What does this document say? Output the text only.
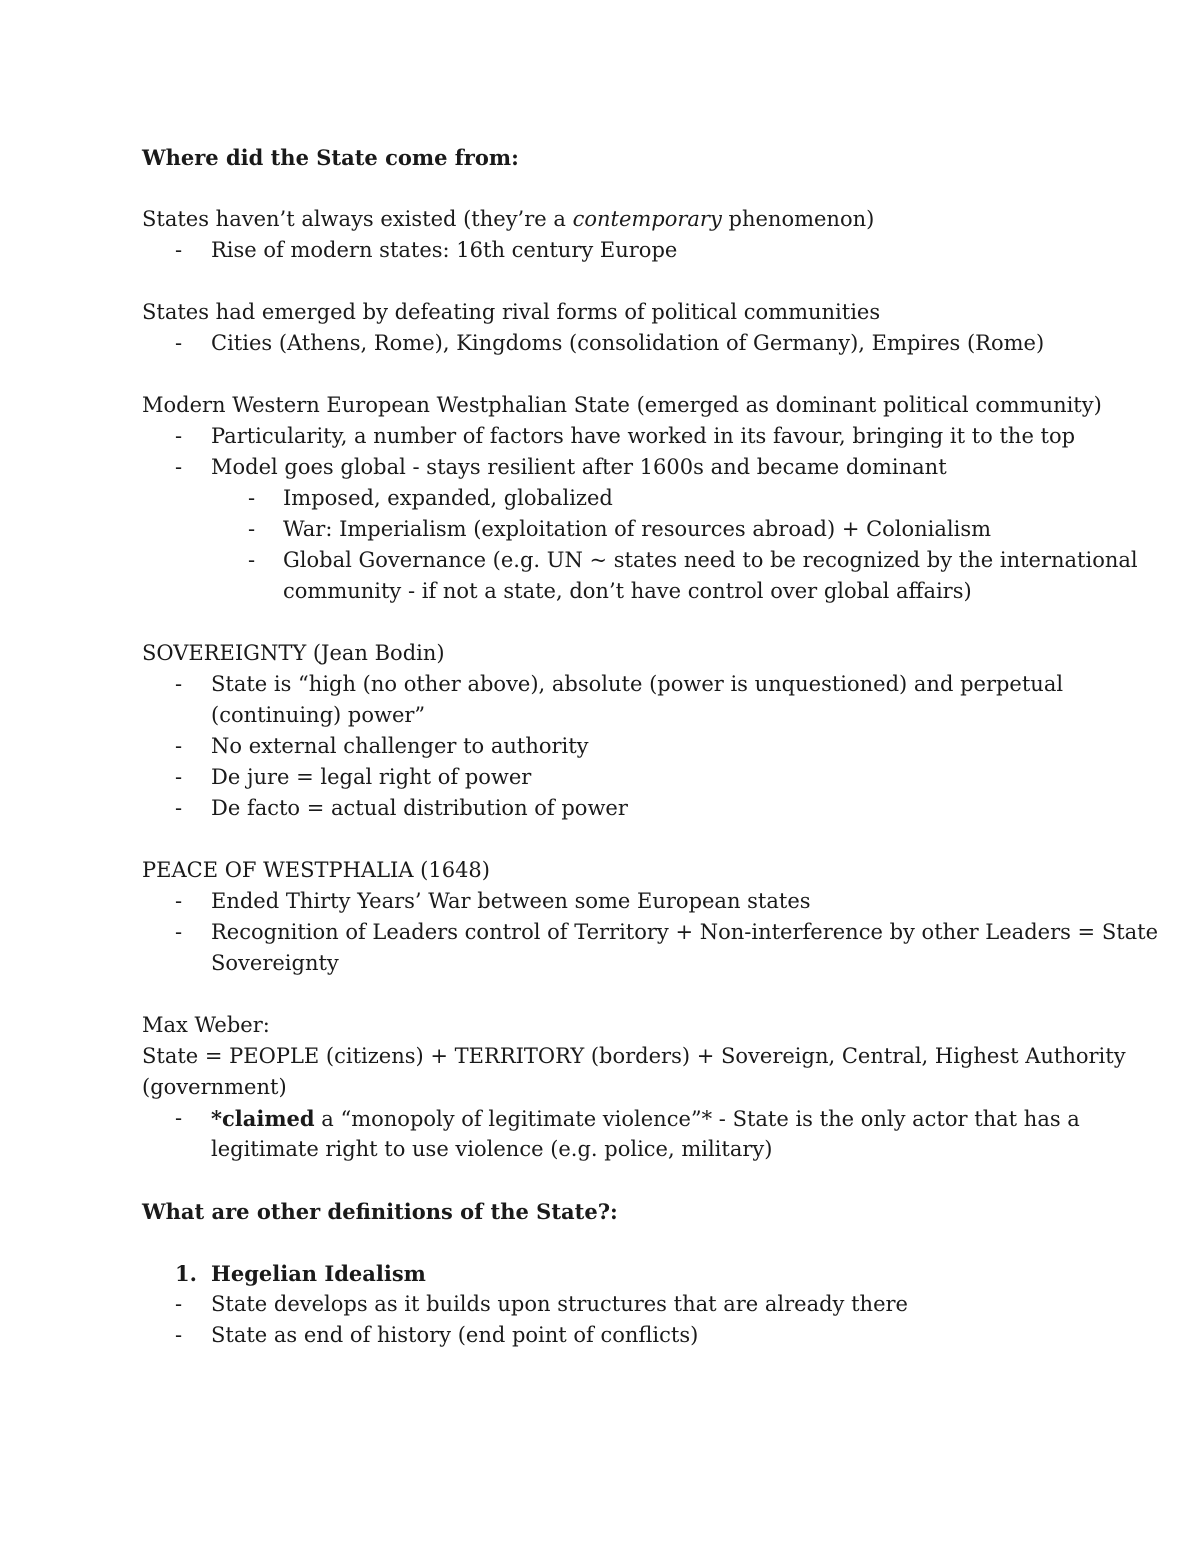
Where did the State come from:
States haven’t always existed (they’re a contemporary phenomenon)
-	Rise of modern states: 16th century Europe
States had emerged by defeating rival forms of political communities
-	Cities (Athens, Rome), Kingdoms (consolidation of Germany), Empires (Rome)
Modern Western European Westphalian State (emerged as dominant political community)
-	Particularity, a number of factors have worked in its favour, bringing it to the top
-	Model goes global - stays resilient after 1600s and became dominant
-	Imposed, expanded, globalized
-	War: Imperialism (exploitation of resources abroad) + Colonialism
-	Global Governance (e.g. UN ~ states need to be recognized by the international
community - if not a state, don’t have control over global affairs)
SOVEREIGNTY (Jean Bodin)
-	State is “high (no other above), absolute (power is unquestioned) and perpetual
(continuing) power”
-	No external challenger to authority
-	De jure = legal right of power
-	De facto = actual distribution of power
PEACE OF WESTPHALIA (1648)
-	Ended Thirty Years’ War between some European states
-	Recognition of Leaders control of Territory + Non-interference by other Leaders = State
Sovereignty
Max Weber:
State = PEOPLE (citizens) + TERRITORY (borders) + Sovereign, Central, Highest Authority
(government)
-	*claimed a “monopoly of legitimate violence”* - State is the only actor that has a
legitimate right to use violence (e.g. police, military)
What are other definitions of the State?:
1. Hegelian Idealism
-	State develops as it builds upon structures that are already there
-	State as end of history (end point of conflicts)
